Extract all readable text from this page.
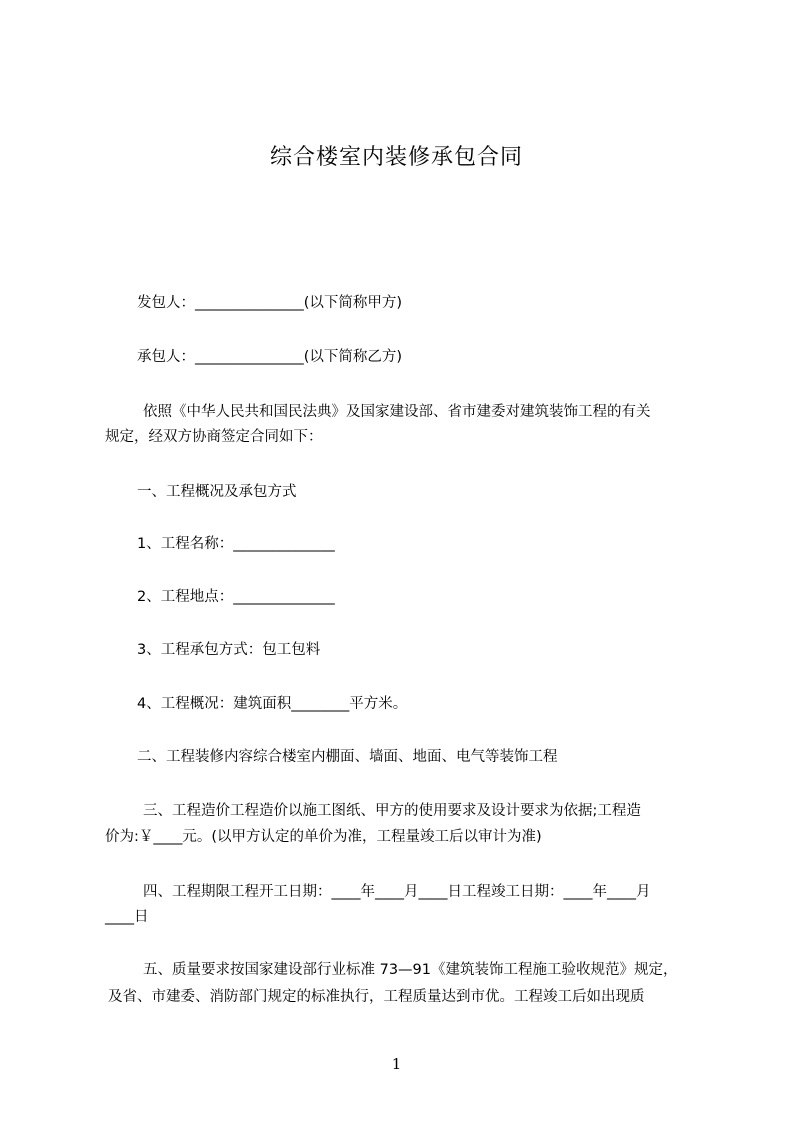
综合楼室内装修承包合同
发包人：_______________(以下简称甲方)
承包人：_______________(以下简称乙方)
依照《中华人民共和国民法典》及国家建设部、省市建委对建筑装饰工程的有关
规定，经双方协商签定合同如下：
一、工程概况及承包方式
1、工程名称：______________
2、工程地点：______________
3、工程承包方式：包工包料
4、工程概况：建筑面积________平方米。
二、工程装修内容综合楼室内棚面、墙面、地面、电气等装饰工程
三、工程造价工程造价以施工图纸、甲方的使用要求及设计要求为依据;工程造
价为:￥____元。(以甲方认定的单价为准，工程量竣工后以审计为准)
四、工程期限工程开工日期：____年____月____日工程竣工日期：____年____月
____日
五、质量要求按国家建设部行业标准 73—91《建筑装饰工程施工验收规范》规定，
及省、市建委、消防部门规定的标准执行，工程质量达到市优。工程竣工后如出现质
1
